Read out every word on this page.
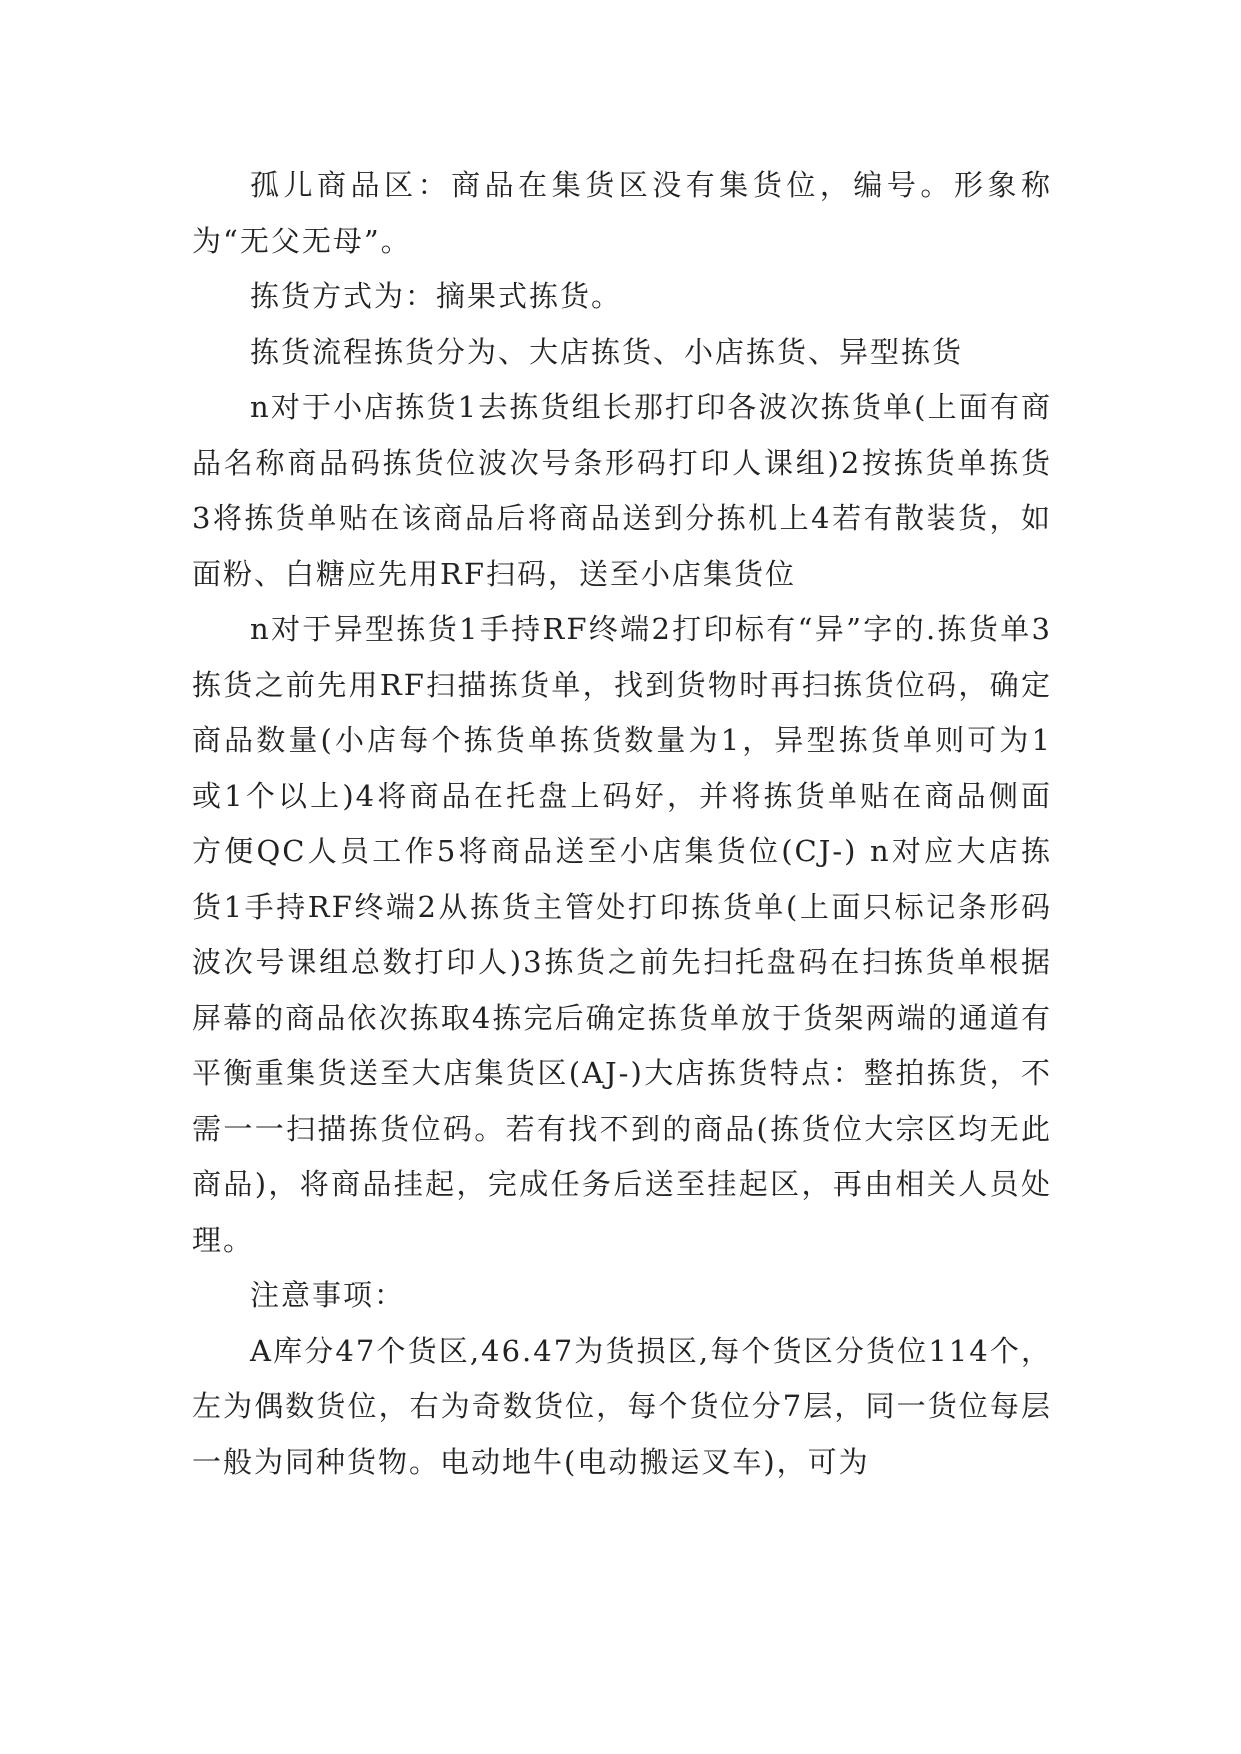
孤儿商品区：商品在集货区没有集货位，编号。形象称为“无父无母”。

拣货方式为：摘果式拣货。

拣货流程拣货分为、大店拣货、小店拣货、异型拣货

n对于小店拣货1去拣货组长那打印各波次拣货单(上面有商品名称商品码拣货位波次号条形码打印人课组)2按拣货单拣货3将拣货单贴在该商品后将商品送到分拣机上4若有散装货，如面粉、白糖应先用RF扫码，送至小店集货位

n对于异型拣货1手持RF终端2打印标有“异”字的.拣货单3拣货之前先用RF扫描拣货单，找到货物时再扫拣货位码，确定商品数量(小店每个拣货单拣货数量为1，异型拣货单则可为1或1个以上)4将商品在托盘上码好，并将拣货单贴在商品侧面方便QC人员工作5将商品送至小店集货位(CJ-) n对应大店拣货1手持RF终端2从拣货主管处打印拣货单(上面只标记条形码波次号课组总数打印人)3拣货之前先扫托盘码在扫拣货单根据屏幕的商品依次拣取4拣完后确定拣货单放于货架两端的通道有平衡重集货送至大店集货区(AJ-)大店拣货特点：整拍拣货，不需一一扫描拣货位码。若有找不到的商品(拣货位大宗区均无此商品)，将商品挂起，完成任务后送至挂起区，再由相关人员处理。

注意事项：

A库分47个货区,46.47为货损区,每个货区分货位114个，左为偶数货位，右为奇数货位，每个货位分7层，同一货位每层一般为同种货物。电动地牛(电动搬运叉车)，可为
